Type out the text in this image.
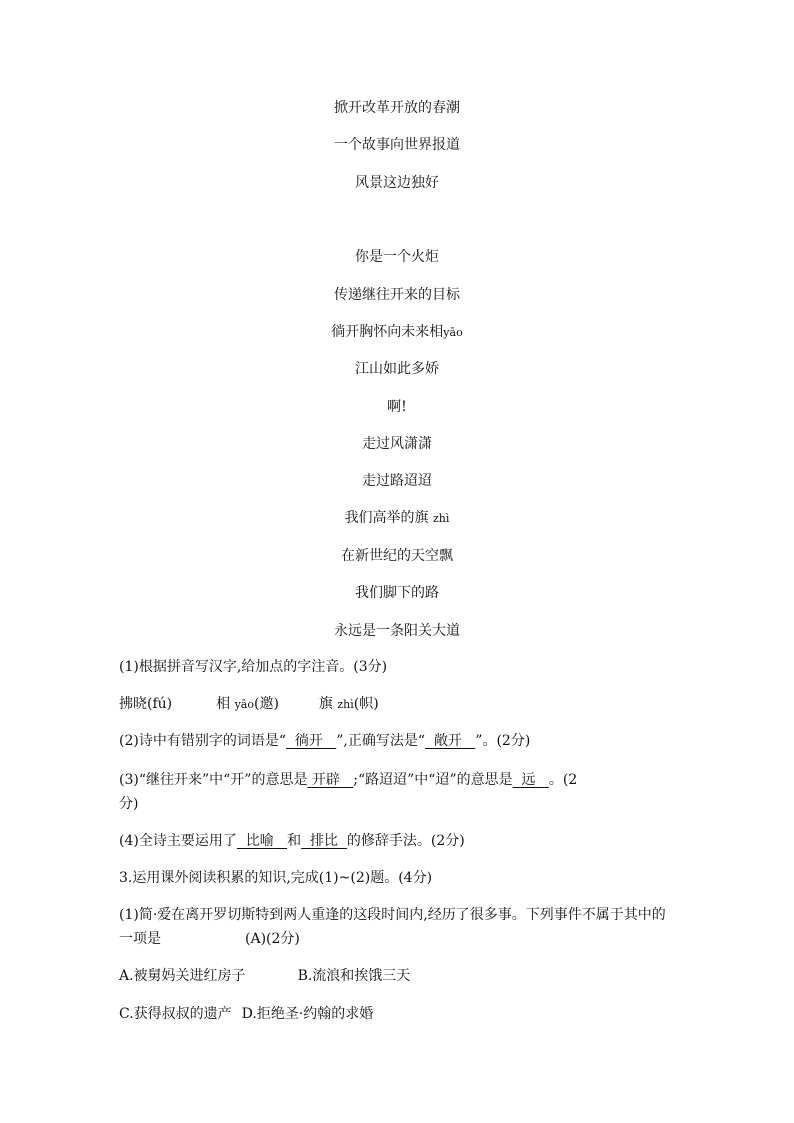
掀开改革开放的春潮
一个故事向世界报道
风景这边独好
你是一个火炬
传递继往开来的目标
徜开胸怀向未来相yāo
江山如此多娇
啊!
走过风潇潇
走过路迢迢
我们高举的旗 zhì
在新世纪的天空飘
我们脚下的路
永远是一条阳关大道
(1)根据拼音写汉字,给加点的字注音。(3分)
拂晓(fú)	相 yāo(邀)	旗 zhì(帜)
(2)诗中有错别字的词语是“ 徜开 ”,正确写法是“ 敞开 ”。(2分)
(3)“继往开来”中“开”的意思是 开辟 ;“路迢迢”中“迢”的意思是 远 。(2
分)
(4)全诗主要运用了 比喻 和 排比 的修辞手法。(2分)
3.运用课外阅读积累的知识,完成(1)~(2)题。(4分)
(1)简·爱在离开罗切斯特到两人重逢的这段时间内,经历了很多事。下列事件不属于其中的
一项是	(A)(2分)
A.被舅妈关进红房子	B.流浪和挨饿三天
C.获得叔叔的遗产 D.拒绝圣·约翰的求婚
